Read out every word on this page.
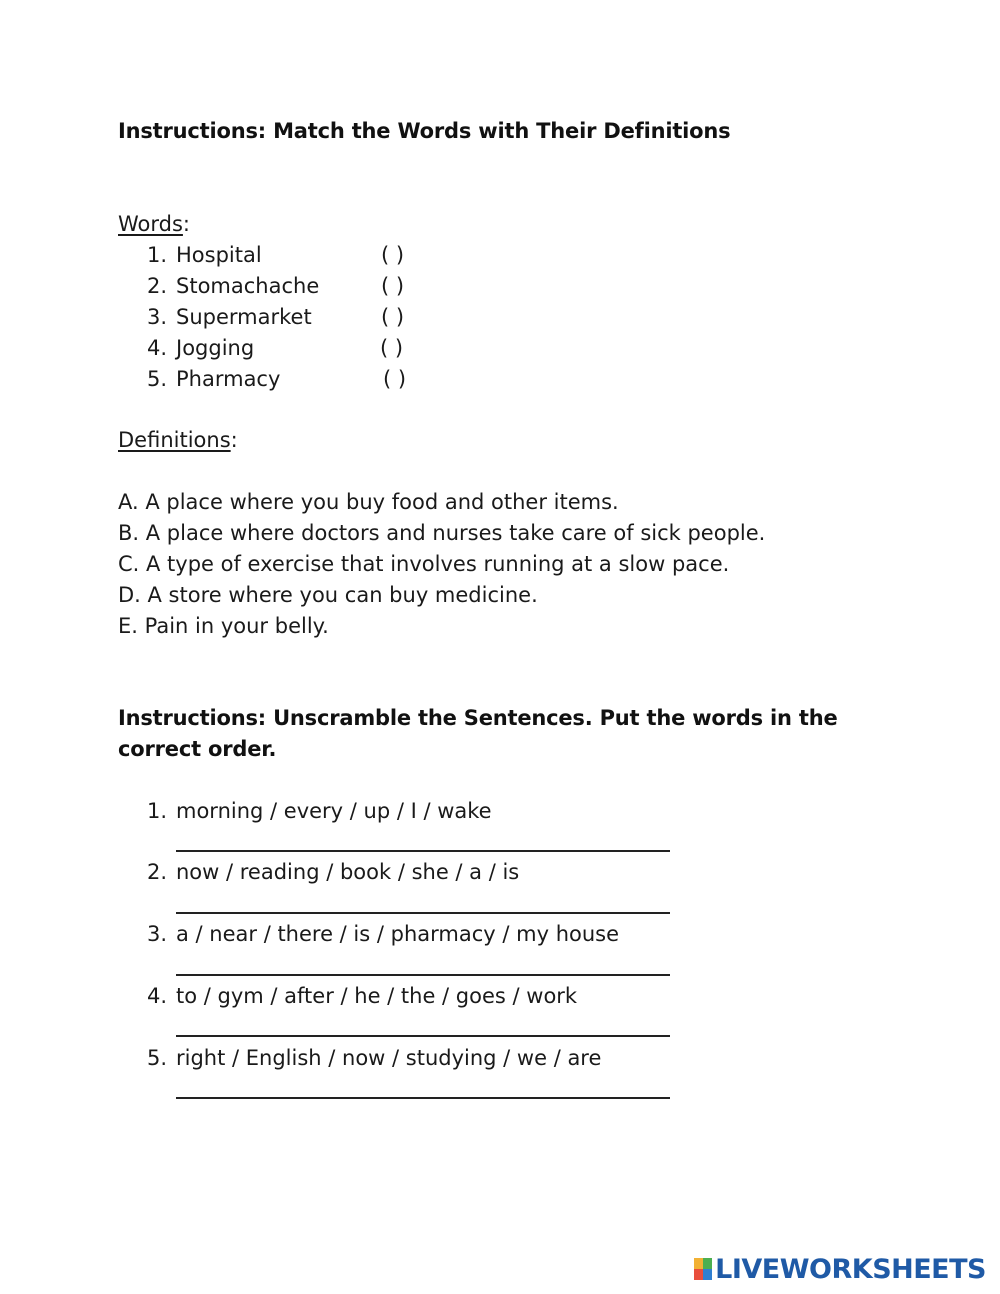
Instructions: Match the Words with Their Definitions
Words:
1. Hospital	( )
2. Stomachache	( )
3. Supermarket	( )
4. Jogging	( )
5. Pharmacy	( )
Definitions:
A. A place where you buy food and other items.
B. A place where doctors and nurses take care of sick people.
C. A type of exercise that involves running at a slow pace.
D. A store where you can buy medicine.
E. Pain in your belly.
Instructions: Unscramble the Sentences. Put the words in the correct order.
1. morning / every / up / I / wake
2. now / reading / book / she / a / is
3. a / near / there / is / pharmacy / my house
4. to / gym / after / he / the / goes / work
5. right / English / now / studying / we / are
LIVEWORKSHEETS
